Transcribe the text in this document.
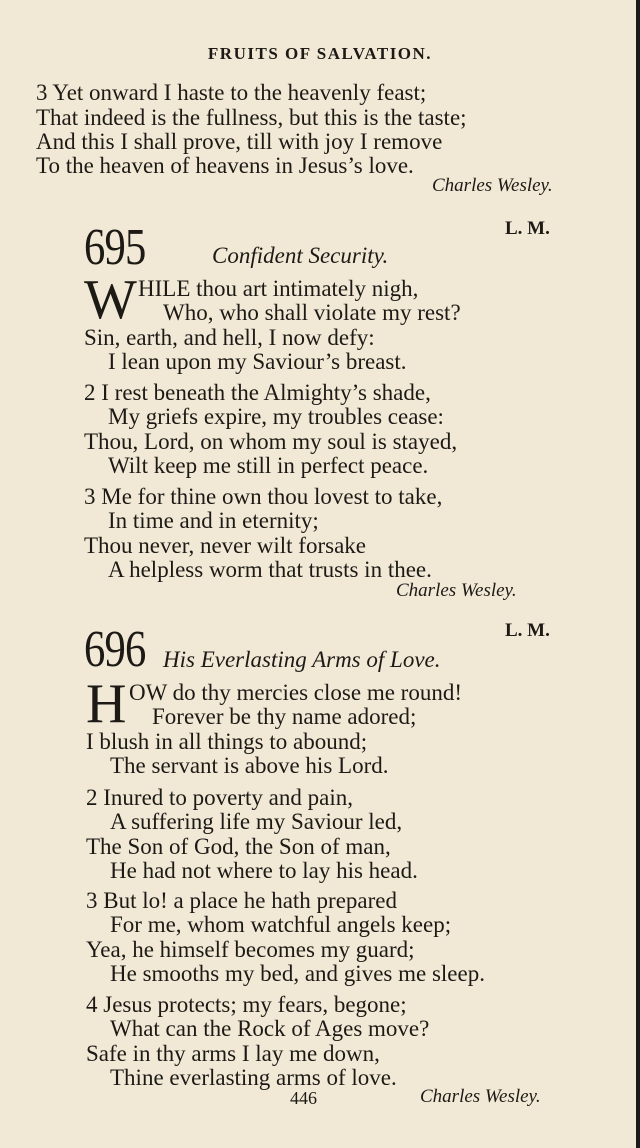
FRUITS OF SALVATION.
3 Yet onward I haste to the heavenly feast;
That indeed is the fullness, but this is the taste;
And this I shall prove, till with joy I remove
To the heaven of heavens in Jesus’s love.
Charles Wesley.
695	L. M.
Confident Security.
W HILE thou art intimately nigh,
Who, who shall violate my rest?
Sin, earth, and hell, I now defy:
I lean upon my Saviour’s breast.
2 I rest beneath the Almighty’s shade,
My griefs expire, my troubles cease:
Thou, Lord, on whom my soul is stayed,
Wilt keep me still in perfect peace.
3 Me for thine own thou lovest to take,
In time and in eternity;
Thou never, never wilt forsake
A helpless worm that trusts in thee.
Charles Wesley.
696	L. M.
His Everlasting Arms of Love.
H OW do thy mercies close me round!
Forever be thy name adored;
I blush in all things to abound;
The servant is above his Lord.
2 Inured to poverty and pain,
A suffering life my Saviour led,
The Son of God, the Son of man,
He had not where to lay his head.
3 But lo! a place he hath prepared
For me, whom watchful angels keep;
Yea, he himself becomes my guard;
He smooths my bed, and gives me sleep.
4 Jesus protects; my fears, begone;
What can the Rock of Ages move?
Safe in thy arms I lay me down,
Thine everlasting arms of love.
446	Charles Wesley.
